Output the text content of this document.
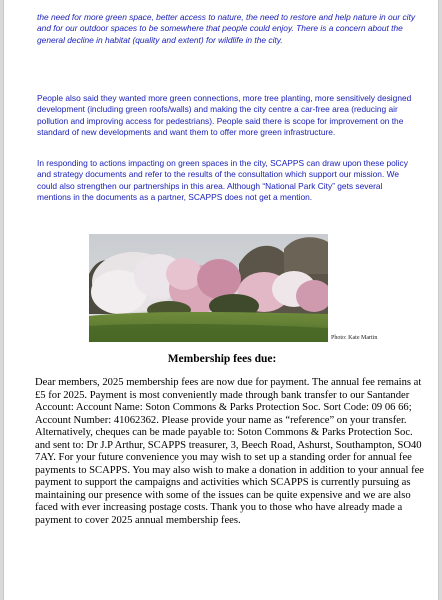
the need for more green space, better access to nature, the need to restore and help nature in our city and for our outdoor spaces to be somewhere that people could enjoy. There is a concern about the general decline in habitat (quality and extent) for wildlife in the city.

People also said they wanted more green connections, more tree planting, more sensitively designed development (including green roofs/walls) and making the city centre a car-free area (reducing air pollution and improving access for pedestrians). People said there is scope for improvement on the standard of new developments and want them to offer more green infrastructure.

In responding to actions impacting on green spaces in the city, SCAPPS can draw upon these policy and strategy documents and refer to the results of the consultation which support our mission. We could also strengthen our partnerships in this area. Although “National Park City” gets several mentions in the documents as a partner, SCAPPS does not get a mention.

Photo: Kate Martin
Membership fees due:

Dear members, 2025 membership fees are now due for payment. The annual fee remains at £5 for 2025. Payment is most conveniently made through bank transfer to our Santander Account: Account Name: Soton Commons & Parks Protection Soc. Sort Code: 09 06 66; Account Number: 41062362. Please provide your name as “reference” on your transfer. Alternatively, cheques can be made payable to: Soton Commons & Parks Protection Soc. and sent to: Dr J.P Arthur, SCAPPS treasurer, 3, Beech Road, Ashurst, Southampton, SO40 7AY. For your future convenience you may wish to set up a standing order for annual fee payments to SCAPPS. You may also wish to make a donation in addition to your annual fee payment to support the campaigns and activities which SCAPPS is currently pursuing as maintaining our presence with some of the issues can be quite expensive and we are also faced with ever increasing postage costs. Thank you to those who have already made a payment to cover 2025 annual membership fees.
